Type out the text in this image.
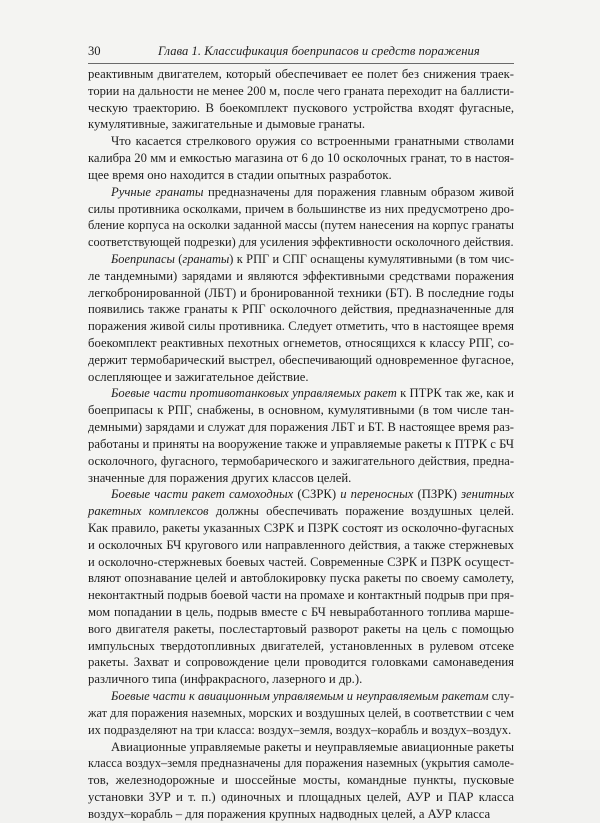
30	Глава 1. Классификация боеприпасов и средств поражения
реактивным двигателем, который обеспечивает ее полет без снижения траек-
тории на дальности не менее 200 м, после чего граната переходит на баллисти-
ческую траекторию. В боекомплект пускового устройства входят фугасные,
кумулятивные, зажигательные и дымовые гранаты.
Что касается стрелкового оружия со встроенными гранатными стволами
калибра 20 мм и емкостью магазина от 6 до 10 осколочных гранат, то в настоя-
щее время оно находится в стадии опытных разработок.
Ручные гранаты предназначены для поражения главным образом живой
силы противника осколками, причем в большинстве из них предусмотрено дро-
бление корпуса на осколки заданной массы (путем нанесения на корпус гранаты
соответствующей подрезки) для усиления эффективности осколочного действия.
Боеприпасы (гранаты) к РПГ и СПГ оснащены кумулятивными (в том чис-
ле тандемными) зарядами и являются эффективными средствами поражения
легкобронированной (ЛБТ) и бронированной техники (БТ). В последние годы
появились также гранаты к РПГ осколочного действия, предназначенные для
поражения живой силы противника. Следует отметить, что в настоящее время
боекомплект реактивных пехотных огнеметов, относящихся к классу РПГ, со-
держит термобарический выстрел, обеспечивающий одновременное фугасное,
ослепляющее и зажигательное действие.
Боевые части противотанковых управляемых ракет к ПТРК так же, как и
боеприпасы к РПГ, снабжены, в основном, кумулятивными (в том числе тан-
демными) зарядами и служат для поражения ЛБТ и БТ. В настоящее время раз-
работаны и приняты на вооружение также и управляемые ракеты к ПТРК с БЧ
осколочного, фугасного, термобарического и зажигательного действия, предна-
значенные для поражения других классов целей.
Боевые части ракет самоходных (СЗРК) и переносных (ПЗРК) зенитных
ракетных комплексов должны обеспечивать поражение воздушных целей.
Как правило, ракеты указанных СЗРК и ПЗРК состоят из осколочно-фугасных
и осколочных БЧ кругового или направленного действия, а также стержневых
и осколочно-стержневых боевых частей. Современные СЗРК и ПЗРК осущест-
вляют опознавание целей и автоблокировку пуска ракеты по своему самолету,
неконтактный подрыв боевой части на промахе и контактный подрыв при пря-
мом попадании в цель, подрыв вместе с БЧ невыработанного топлива марше-
вого двигателя ракеты, послестартовый разворот ракеты на цель с помощью
импульсных твердотопливных двигателей, установленных в рулевом отсеке
ракеты. Захват и сопровождение цели проводится головками самонаведения
различного типа (инфракрасного, лазерного и др.).
Боевые части к авиационным управляемым и неуправляемым ракетам слу-
жат для поражения наземных, морских и воздушных целей, в соответствии с чем
их подразделяют на три класса: воздух–земля, воздух–корабль и воздух–воздух.
Авиационные управляемые ракеты и неуправляемые авиационные ракеты
класса воздух–земля предназначены для поражения наземных (укрытия самоле-
тов, железнодорожные и шоссейные мосты, командные пункты, пусковые
установки ЗУР и т. п.) одиночных и площадных целей, АУР и ПАР класса
воздух–корабль – для поражения крупных надводных целей, а АУР класса
